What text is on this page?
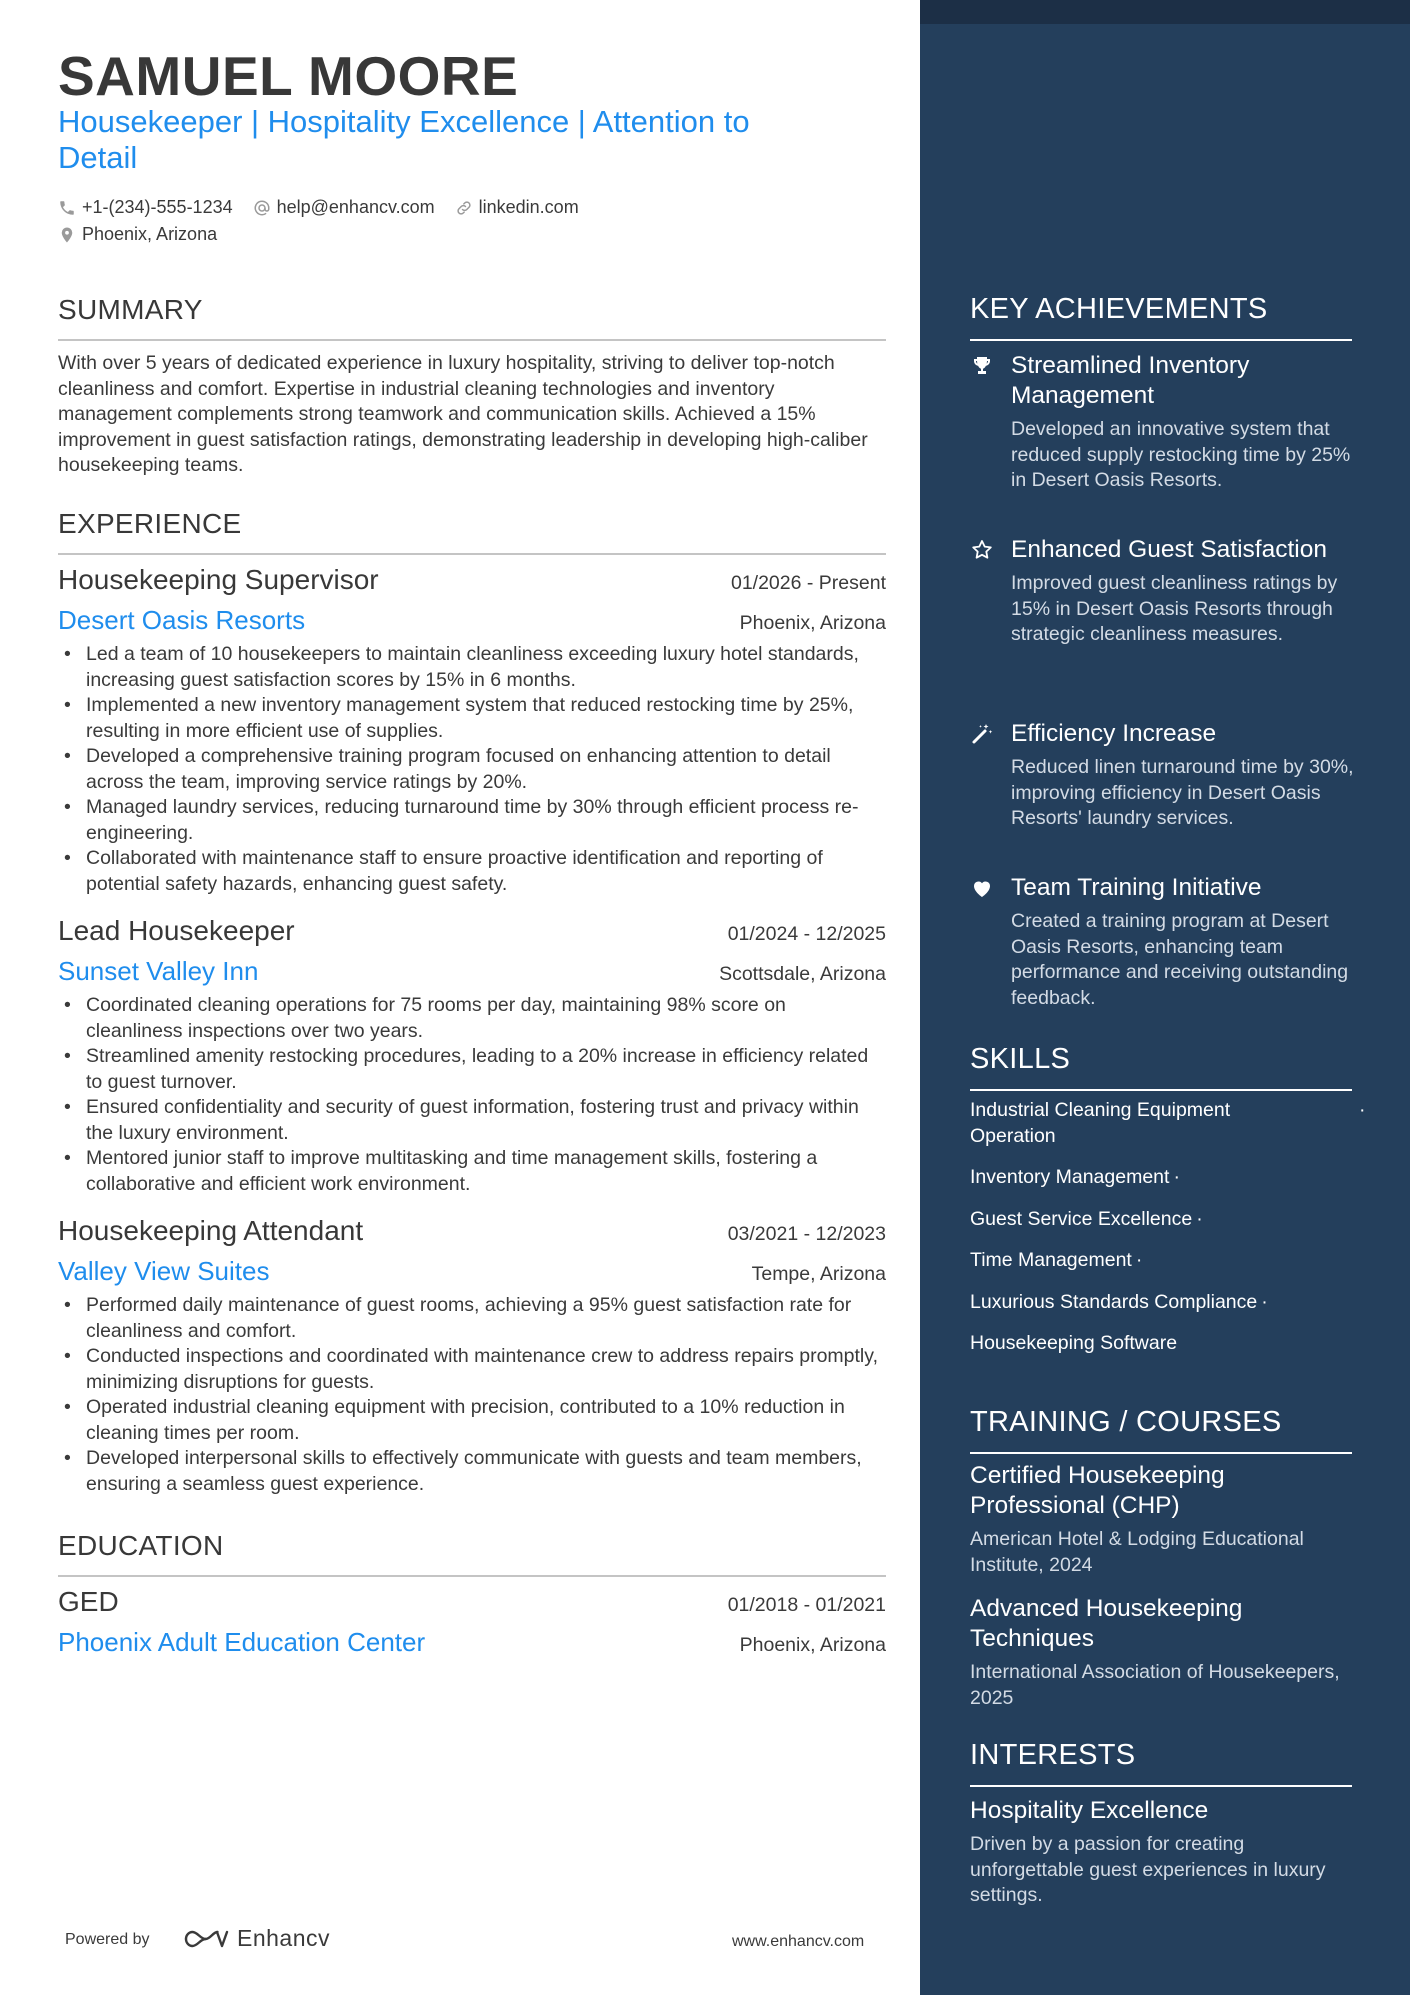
SAMUEL MOORE
Housekeeper | Hospitality Excellence | Attention to Detail
+1-(234)-555-1234 help@enhancv.com linkedin.com
Phoenix, Arizona
SUMMARY
With over 5 years of dedicated experience in luxury hospitality, striving to deliver top-notch cleanliness and comfort. Expertise in industrial cleaning technologies and inventory management complements strong teamwork and communication skills. Achieved a 15% improvement in guest satisfaction ratings, demonstrating leadership in developing high-caliber housekeeping teams.
EXPERIENCE
Housekeeping Supervisor	01/2026 - Present
Desert Oasis Resorts	Phoenix, Arizona
• Led a team of 10 housekeepers to maintain cleanliness exceeding luxury hotel standards, increasing guest satisfaction scores by 15% in 6 months.
• Implemented a new inventory management system that reduced restocking time by 25%, resulting in more efficient use of supplies.
• Developed a comprehensive training program focused on enhancing attention to detail across the team, improving service ratings by 20%.
• Managed laundry services, reducing turnaround time by 30% through efficient process re-engineering.
• Collaborated with maintenance staff to ensure proactive identification and reporting of potential safety hazards, enhancing guest safety.
Lead Housekeeper	01/2024 - 12/2025
Sunset Valley Inn	Scottsdale, Arizona
• Coordinated cleaning operations for 75 rooms per day, maintaining 98% score on cleanliness inspections over two years.
• Streamlined amenity restocking procedures, leading to a 20% increase in efficiency related to guest turnover.
• Ensured confidentiality and security of guest information, fostering trust and privacy within the luxury environment.
• Mentored junior staff to improve multitasking and time management skills, fostering a collaborative and efficient work environment.
Housekeeping Attendant	03/2021 - 12/2023
Valley View Suites	Tempe, Arizona
• Performed daily maintenance of guest rooms, achieving a 95% guest satisfaction rate for cleanliness and comfort.
• Conducted inspections and coordinated with maintenance crew to address repairs promptly, minimizing disruptions for guests.
• Operated industrial cleaning equipment with precision, contributed to a 10% reduction in cleaning times per room.
• Developed interpersonal skills to effectively communicate with guests and team members, ensuring a seamless guest experience.
EDUCATION
GED	01/2018 - 01/2021
Phoenix Adult Education Center	Phoenix, Arizona
Powered by	Enhancv	www.enhancv.com
KEY ACHIEVEMENTS
Streamlined Inventory Management
Developed an innovative system that reduced supply restocking time by 25% in Desert Oasis Resorts.
Enhanced Guest Satisfaction
Improved guest cleanliness ratings by 15% in Desert Oasis Resorts through strategic cleanliness measures.
Efficiency Increase
Reduced linen turnaround time by 30%, improving efficiency in Desert Oasis Resorts' laundry services.
Team Training Initiative
Created a training program at Desert Oasis Resorts, enhancing team performance and receiving outstanding feedback.
SKILLS
Industrial Cleaning Equipment Operation
·
Inventory Management ·
Guest Service Excellence ·
Time Management ·
Luxurious Standards Compliance ·
Housekeeping Software
TRAINING / COURSES
Certified Housekeeping Professional (CHP)
American Hotel & Lodging Educational Institute, 2024
Advanced Housekeeping Techniques
International Association of Housekeepers, 2025
INTERESTS
Hospitality Excellence
Driven by a passion for creating unforgettable guest experiences in luxury settings.
